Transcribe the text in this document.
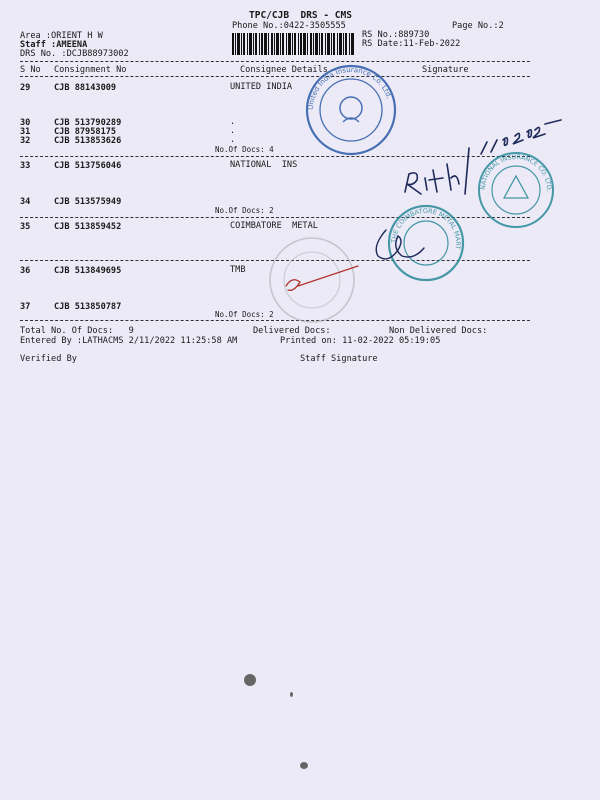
TPC/CJB  DRS - CMS
Phone No.:0422-3505555	Page No.:2
Area :ORIENT H W
Staff :AMEENA
DRS No. :DCJB88973002
RS No.:889730
RS Date:11-Feb-2022
S No Consignment No	Consignee Details	Signature
29	CJB 88143009	UNITED INDIA
30	CJB 513790289	.
31	CJB 87958175	.
32	CJB 513853626	.
No.Of Docs: 4
33	CJB 513756046	NATIONAL  INS
34	CJB 513575949
No.Of Docs: 2
35	CJB 513859452	COIMBATORE  METAL
36	CJB 513849695	TMB
37	CJB 513850787
No.Of Docs: 2
Total No. Of Docs:   9	Delivered Docs:	Non Delivered Docs:
Entered By :LATHACMS 2/11/2022 11:25:58 AM	Printed on: 11-02-2022 05:19:05
Verified By	Staff Signature
United India Insurance Co. Ltd.
NATIONAL INSURANCE CO. LTD.
THE COIMBATORE METAL MART
